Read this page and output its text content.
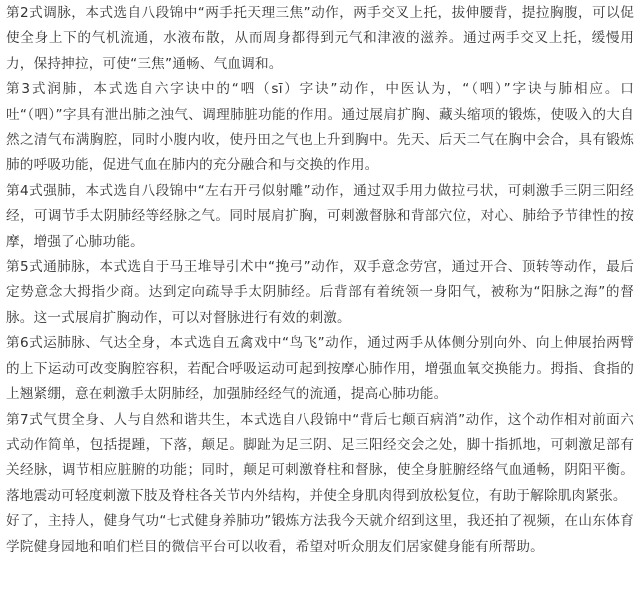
第2式调脉，本式选自八段锦中“两手托天理三焦”动作，两手交叉上托，拔伸腰背，提拉胸腹，可以促使全身上下的气机流通，水液布散，从而周身都得到元气和津液的滋养。通过两手交叉上托，缓慢用力，保持抻拉，可使“三焦”通畅、气血调和。

第3式润肺，本式选自六字诀中的“呬（sī）字诀”动作，中医认为，“（呬）”字诀与肺相应。口吐“（呬）”字具有泄出肺之浊气、调理肺脏功能的作用。通过展肩扩胸、藏头缩项的锻炼，使吸入的大自然之清气布满胸腔，同时小腹内收，使丹田之气也上升到胸中。先天、后天二气在胸中会合，具有锻炼肺的呼吸功能，促进气血在肺内的充分融合和与交换的作用。

第4式强肺，本式选自八段锦中“左右开弓似射雕”动作，通过双手用力做拉弓状，可刺激手三阴三阳经经，可调节手太阴肺经等经脉之气。同时展肩扩胸，可刺激督脉和背部穴位，对心、肺给予节律性的按摩，增强了心肺功能。

第5式通肺脉，本式选自于马王堆导引术中“挽弓”动作，双手意念劳宫，通过开合、顶转等动作，最后定势意念大拇指少商。达到定向疏导手太阴肺经。后背部有着统领一身阳气，被称为“阳脉之海”的督脉。这一式展肩扩胸动作，可以对督脉进行有效的刺激。

第6式运肺脉、气达全身，本式选自五禽戏中“鸟飞”动作，通过两手从体侧分别向外、向上伸展抬两臂的上下运动可改变胸腔容积，若配合呼吸运动可起到按摩心肺作用，增强血氧交换能力。拇指、食指的上翘紧绷，意在刺激手太阴肺经，加强肺经经气的流通，提高心肺功能。

第7式气贯全身、人与自然和谐共生，本式选自八段锦中“背后七颠百病消”动作，这个动作相对前面六式动作简单，包括提踵，下落，颠足。脚趾为足三阴、足三阳经交会之处，脚十指抓地，可刺激足部有关经脉，调节相应脏腑的功能；同时，颠足可刺激脊柱和督脉，使全身脏腑经络气血通畅，阴阳平衡。落地震动可轻度刺激下肢及脊柱各关节内外结构，并使全身肌肉得到放松复位，有助于解除肌肉紧张。

好了，主持人，健身气功“七式健身养肺功”锻炼方法我今天就介绍到这里，我还拍了视频，在山东体育学院健身园地和咱们栏目的微信平台可以收看，希望对听众朋友们居家健身能有所帮助。
